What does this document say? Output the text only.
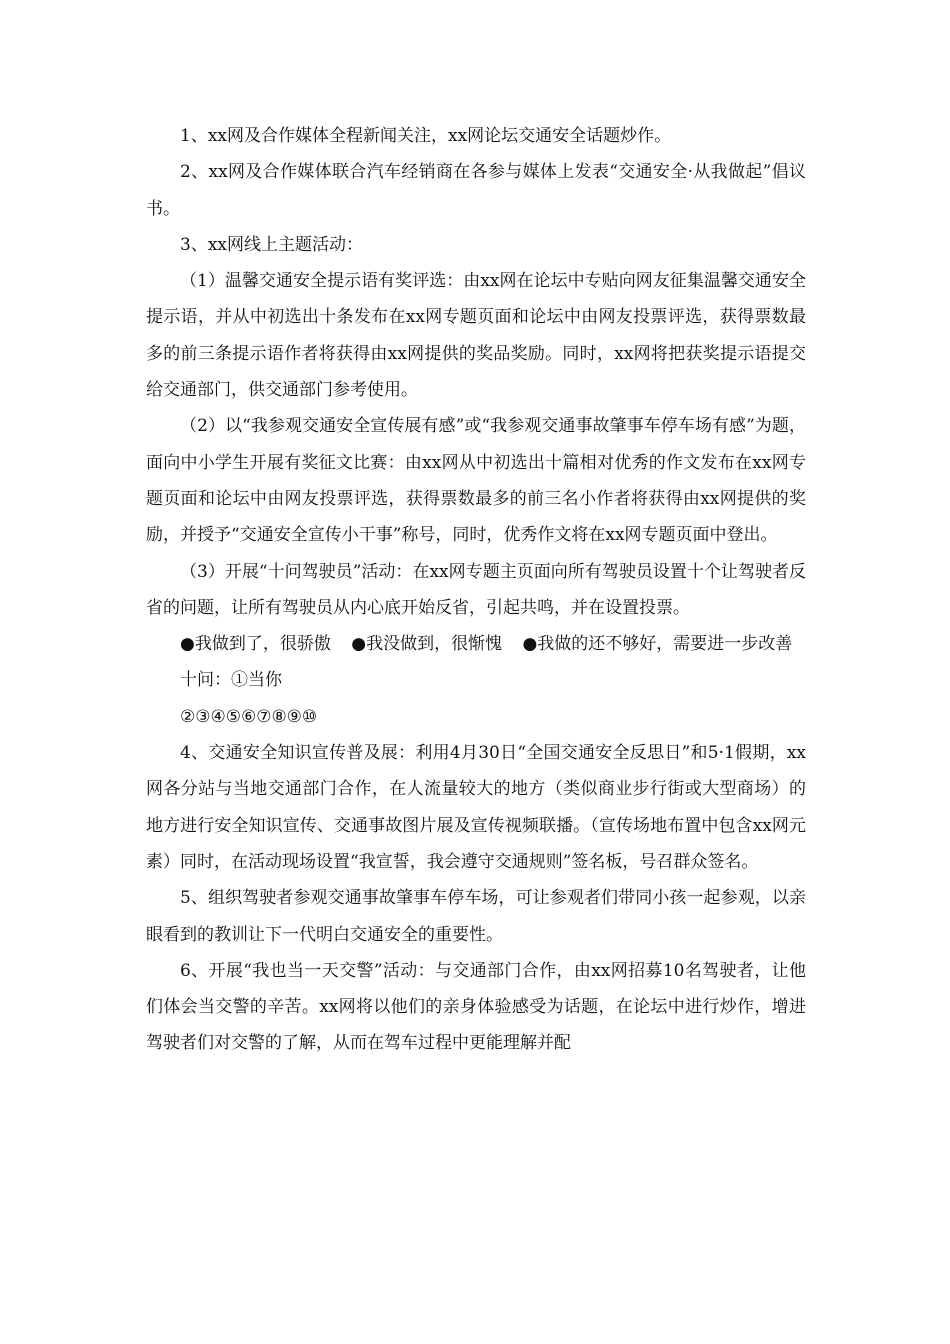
1、xx网及合作媒体全程新闻关注，xx网论坛交通安全话题炒作。

2、xx网及合作媒体联合汽车经销商在各参与媒体上发表“交通安全·从我做起”倡议书。

3、xx网线上主题活动：

（1）温馨交通安全提示语有奖评选：由xx网在论坛中专贴向网友征集温馨交通安全提示语，并从中初选出十条发布在xx网专题页面和论坛中由网友投票评选，获得票数最多的前三条提示语作者将获得由xx网提供的奖品奖励。同时，xx网将把获奖提示语提交给交通部门，供交通部门参考使用。

（2）以“我参观交通安全宣传展有感”或“我参观交通事故肇事车停车场有感”为题，面向中小学生开展有奖征文比赛：由xx网从中初选出十篇相对优秀的作文发布在xx网专题页面和论坛中由网友投票评选，获得票数最多的前三名小作者将获得由xx网提供的奖励，并授予“交通安全宣传小干事”称号，同时，优秀作文将在xx网专题页面中登出。

（3）开展“十问驾驶员”活动：在xx网专题主页面向所有驾驶员设置十个让驾驶者反省的问题，让所有驾驶员从内心底开始反省，引起共鸣，并在设置投票。

●我做到了，很骄傲 ●我没做到，很惭愧 ●我做的还不够好，需要进一步改善

十问：①当你

②③④⑤⑥⑦⑧⑨⑩

4、交通安全知识宣传普及展：利用4月30日“全国交通安全反思日”和5·1假期，xx网各分站与当地交通部门合作，在人流量较大的地方（类似商业步行街或大型商场）的地方进行安全知识宣传、交通事故图片展及宣传视频联播。（宣传场地布置中包含xx网元素）同时，在活动现场设置“我宣誓，我会遵守交通规则”签名板，号召群众签名。

5、组织驾驶者参观交通事故肇事车停车场，可让参观者们带同小孩一起参观，以亲眼看到的教训让下一代明白交通安全的重要性。

6、开展“我也当一天交警”活动：与交通部门合作，由xx网招募10名驾驶者，让他们体会当交警的辛苦。xx网将以他们的亲身体验感受为话题，在论坛中进行炒作，增进驾驶者们对交警的了解，从而在驾车过程中更能理解并配
